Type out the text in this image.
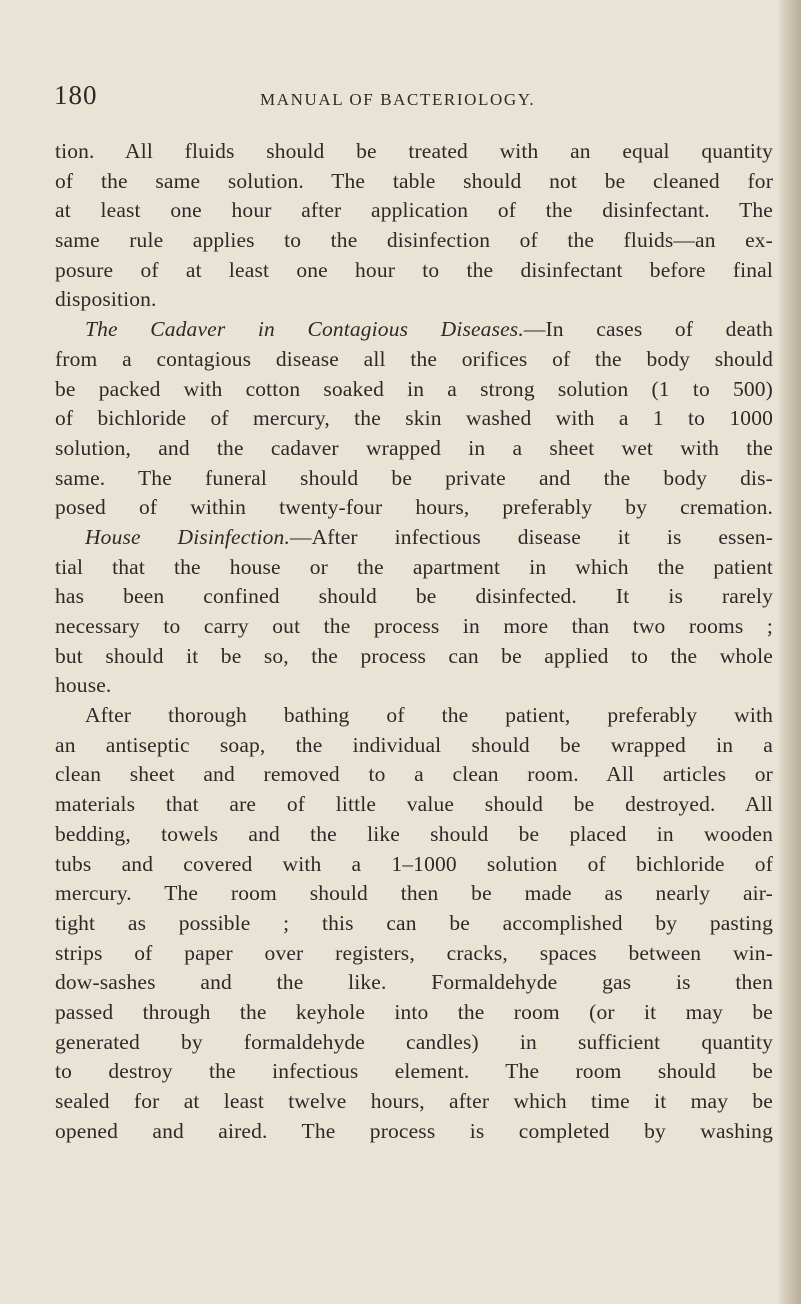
180	MANUAL OF BACTERIOLOGY.
tion. All fluids should be treated with an equal quantity
of the same solution. The table should not be cleaned for
at least one hour after application of the disinfectant. The
same rule applies to the disinfection of the fluids—an ex-
posure of at least one hour to the disinfectant before final
disposition.
The Cadaver in Contagious Diseases.—In cases of death
from a contagious disease all the orifices of the body should
be packed with cotton soaked in a strong solution (1 to 500)
of bichloride of mercury, the skin washed with a 1 to 1000
solution, and the cadaver wrapped in a sheet wet with the
same. The funeral should be private and the body dis-
posed of within twenty-four hours, preferably by cremation.
House Disinfection.—After infectious disease it is essen-
tial that the house or the apartment in which the patient
has been confined should be disinfected. It is rarely
necessary to carry out the process in more than two rooms ;
but should it be so, the process can be applied to the whole
house.
After thorough bathing of the patient, preferably with
an antiseptic soap, the individual should be wrapped in a
clean sheet and removed to a clean room. All articles or
materials that are of little value should be destroyed. All
bedding, towels and the like should be placed in wooden
tubs and covered with a 1–1000 solution of bichloride of
mercury. The room should then be made as nearly air-
tight as possible ; this can be accomplished by pasting
strips of paper over registers, cracks, spaces between win-
dow-sashes and the like. Formaldehyde gas is then
passed through the keyhole into the room (or it may be
generated by formaldehyde candles) in sufficient quantity
to destroy the infectious element. The room should be
sealed for at least twelve hours, after which time it may be
opened and aired. The process is completed by washing
